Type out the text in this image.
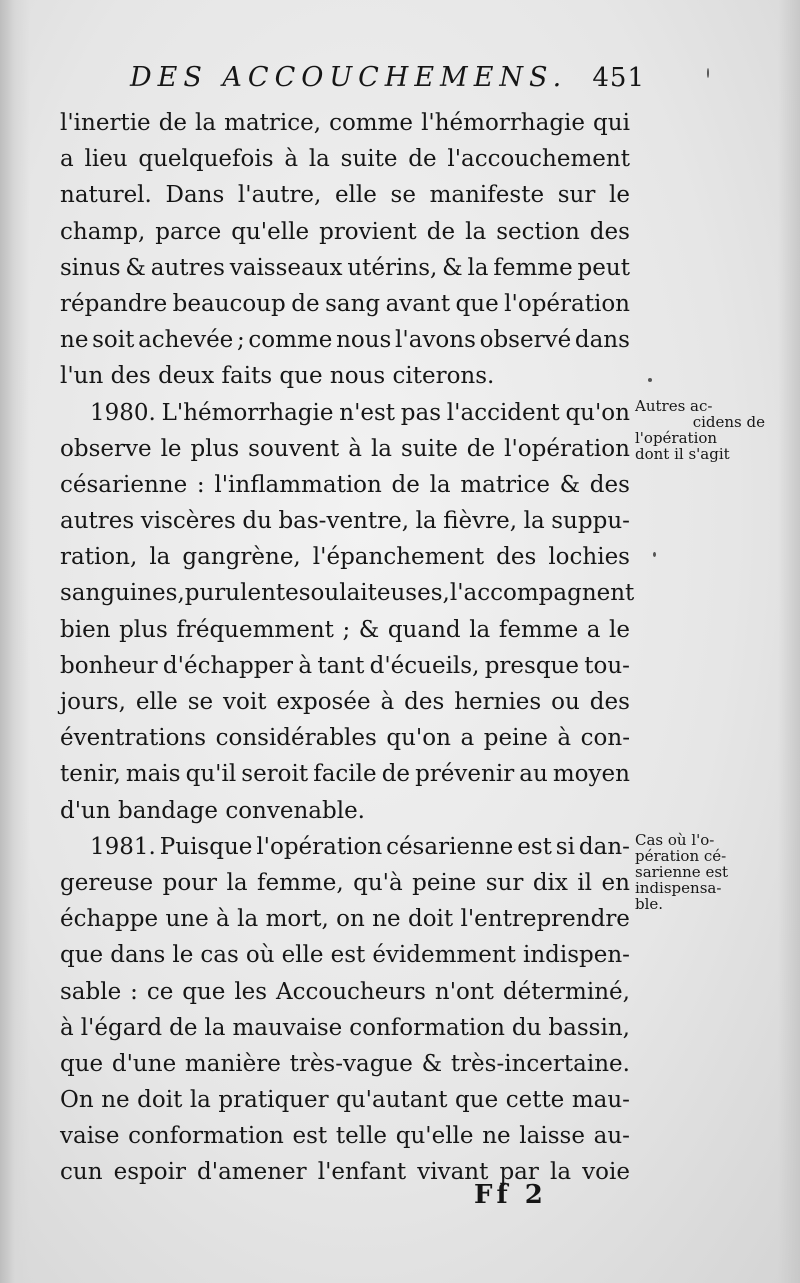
DES ACCOUCHEMENS. 451
l'inertie de la matrice, comme l'hémorrhagie qui
a lieu quelquefois à la suite de l'accouchement
naturel. Dans l'autre, elle se manifeste sur le
champ, parce qu'elle provient de la section des
sinus & autres vaisseaux utérins, & la femme peut
répandre beaucoup de sang avant que l'opération
ne soit achevée ; comme nous l'avons observé dans
l'un des deux faits que nous citerons.
1980. L'hémorrhagie n'est pas l'accident qu'on
observe le plus souvent à la suite de l'opération
césarienne : l'inflammation de la matrice & des
autres viscères du bas-ventre, la fièvre, la suppu-
ration, la gangrène, l'épanchement des lochies
sanguines, purulentes ou laiteuses, l'accompagnent
bien plus fréquemment ; & quand la femme a le
bonheur d'échapper à tant d'écueils, presque tou-
jours, elle se voit exposée à des hernies ou des
éventrations considérables qu'on a peine à con-
tenir, mais qu'il seroit facile de prévenir au moyen
d'un bandage convenable.
1981. Puisque l'opération césarienne est si dan-
gereuse pour la femme, qu'à peine sur dix il en
échappe une à la mort, on ne doit l'entreprendre
que dans le cas où elle est évidemment indispen-
sable : ce que les Accoucheurs n'ont déterminé,
à l'égard de la mauvaise conformation du bassin,
que d'une manière très-vague & très-incertaine.
On ne doit la pratiquer qu'autant que cette mau-
vaise conformation est telle qu'elle ne laisse au-
cun espoir d'amener l'enfant vivant par la voie
Autres ac-
cidens de
l'opération
dont il s'agit
Cas où l'o-
pération cé-
sarienne est
indispensa-
ble.
Ff 2
